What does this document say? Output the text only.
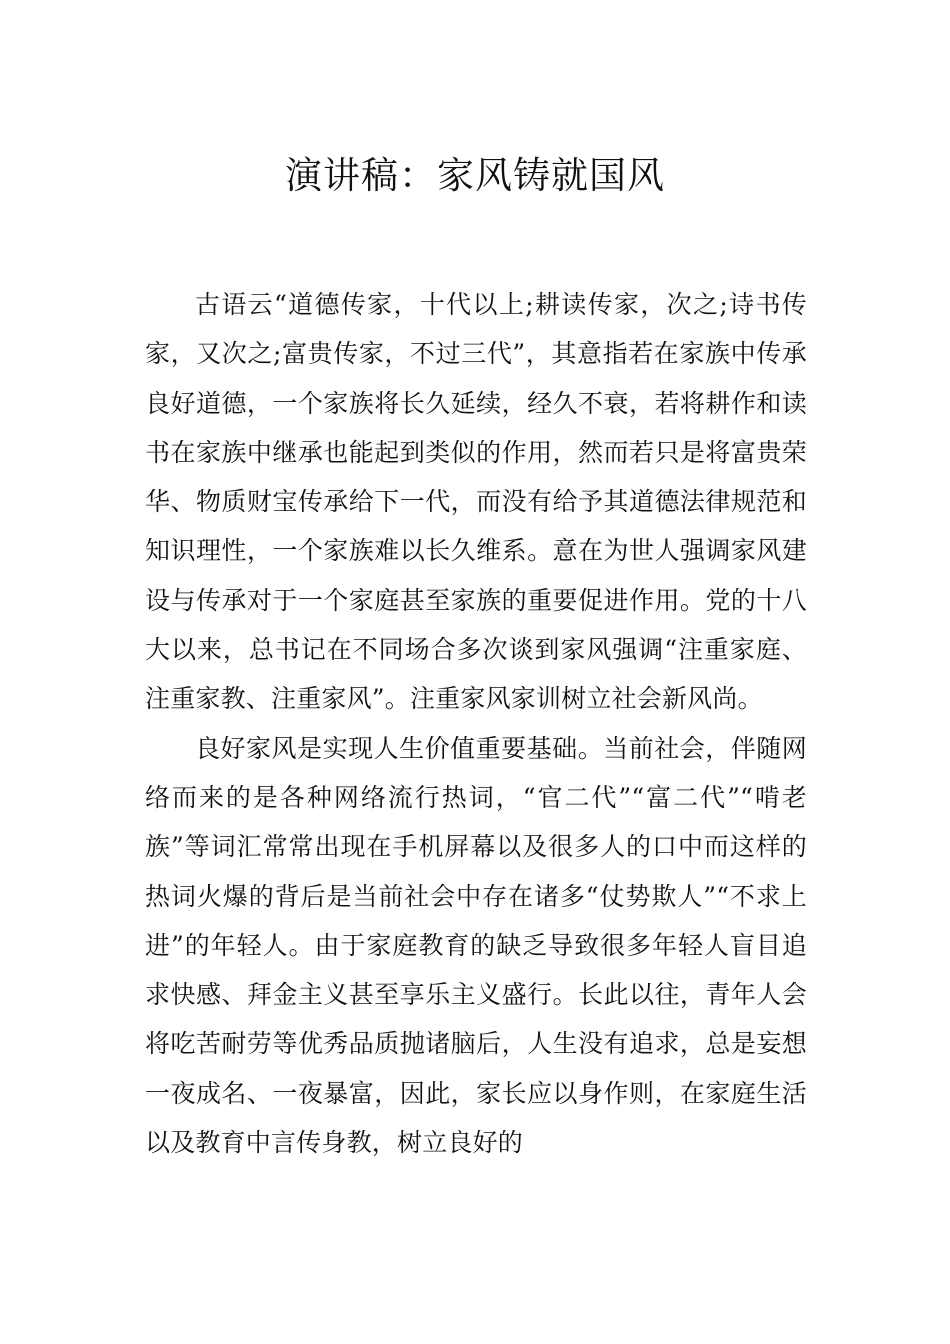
演讲稿：家风铸就国风

古语云“道德传家，十代以上;耕读传家，次之;诗书传家，又次之;富贵传家，不过三代”，其意指若在家族中传承良好道德，一个家族将长久延续，经久不衰，若将耕作和读书在家族中继承也能起到类似的作用，然而若只是将富贵荣华、物质财宝传承给下一代，而没有给予其道德法律规范和知识理性，一个家族难以长久维系。意在为世人强调家风建设与传承对于一个家庭甚至家族的重要促进作用。党的十八大以来，总书记在不同场合多次谈到家风强调“注重家庭、注重家教、注重家风”。注重家风家训树立社会新风尚。

良好家风是实现人生价值重要基础。当前社会，伴随网络而来的是各种网络流行热词，“官二代”“富二代”“啃老族”等词汇常常出现在手机屏幕以及很多人的口中而这样的热词火爆的背后是当前社会中存在诸多“仗势欺人”“不求上进”的年轻人。由于家庭教育的缺乏导致很多年轻人盲目追求快感、拜金主义甚至享乐主义盛行。长此以往，青年人会将吃苦耐劳等优秀品质抛诸脑后，人生没有追求，总是妄想一夜成名、一夜暴富，因此，家长应以身作则，在家庭生活以及教育中言传身教，树立良好的
